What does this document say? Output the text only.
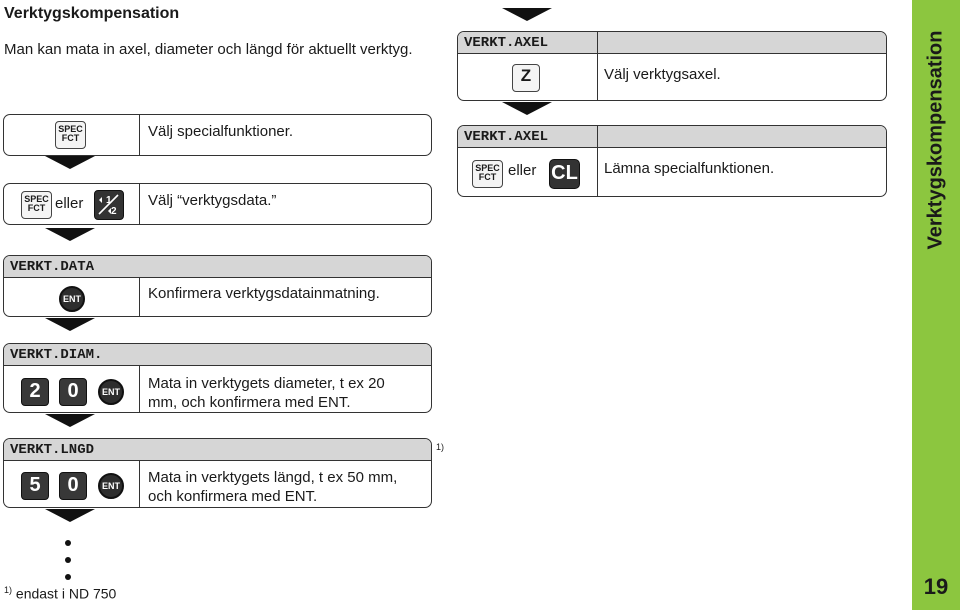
Verktygskompensation
19
Verktygskompensation
Man kan mata in axel, diameter och längd för aktuellt verktyg.
SPEC
FCT	Välj specialfunktioner.
SPEC
FCT eller 1
2
Välj “verktygsdata.”
VERKT.DATA
ENT	Konfirmera verktygsdatainmatning.
VERKT.DIAM.
2	0	ENT Mata in verktygets diameter, t ex 20
mm, och konfirmera med ENT.
VERKT.LNGD
5	0	ENT Mata in verktygets längd, t ex 50 mm,
och konfirmera med ENT.
1)
$^{1)}$ endast i ND 750
VERKT.AXEL
Z	Välj verktygsaxel.
VERKT.AXEL
SPEC
FCT eller CL Lämna specialfunktionen.
